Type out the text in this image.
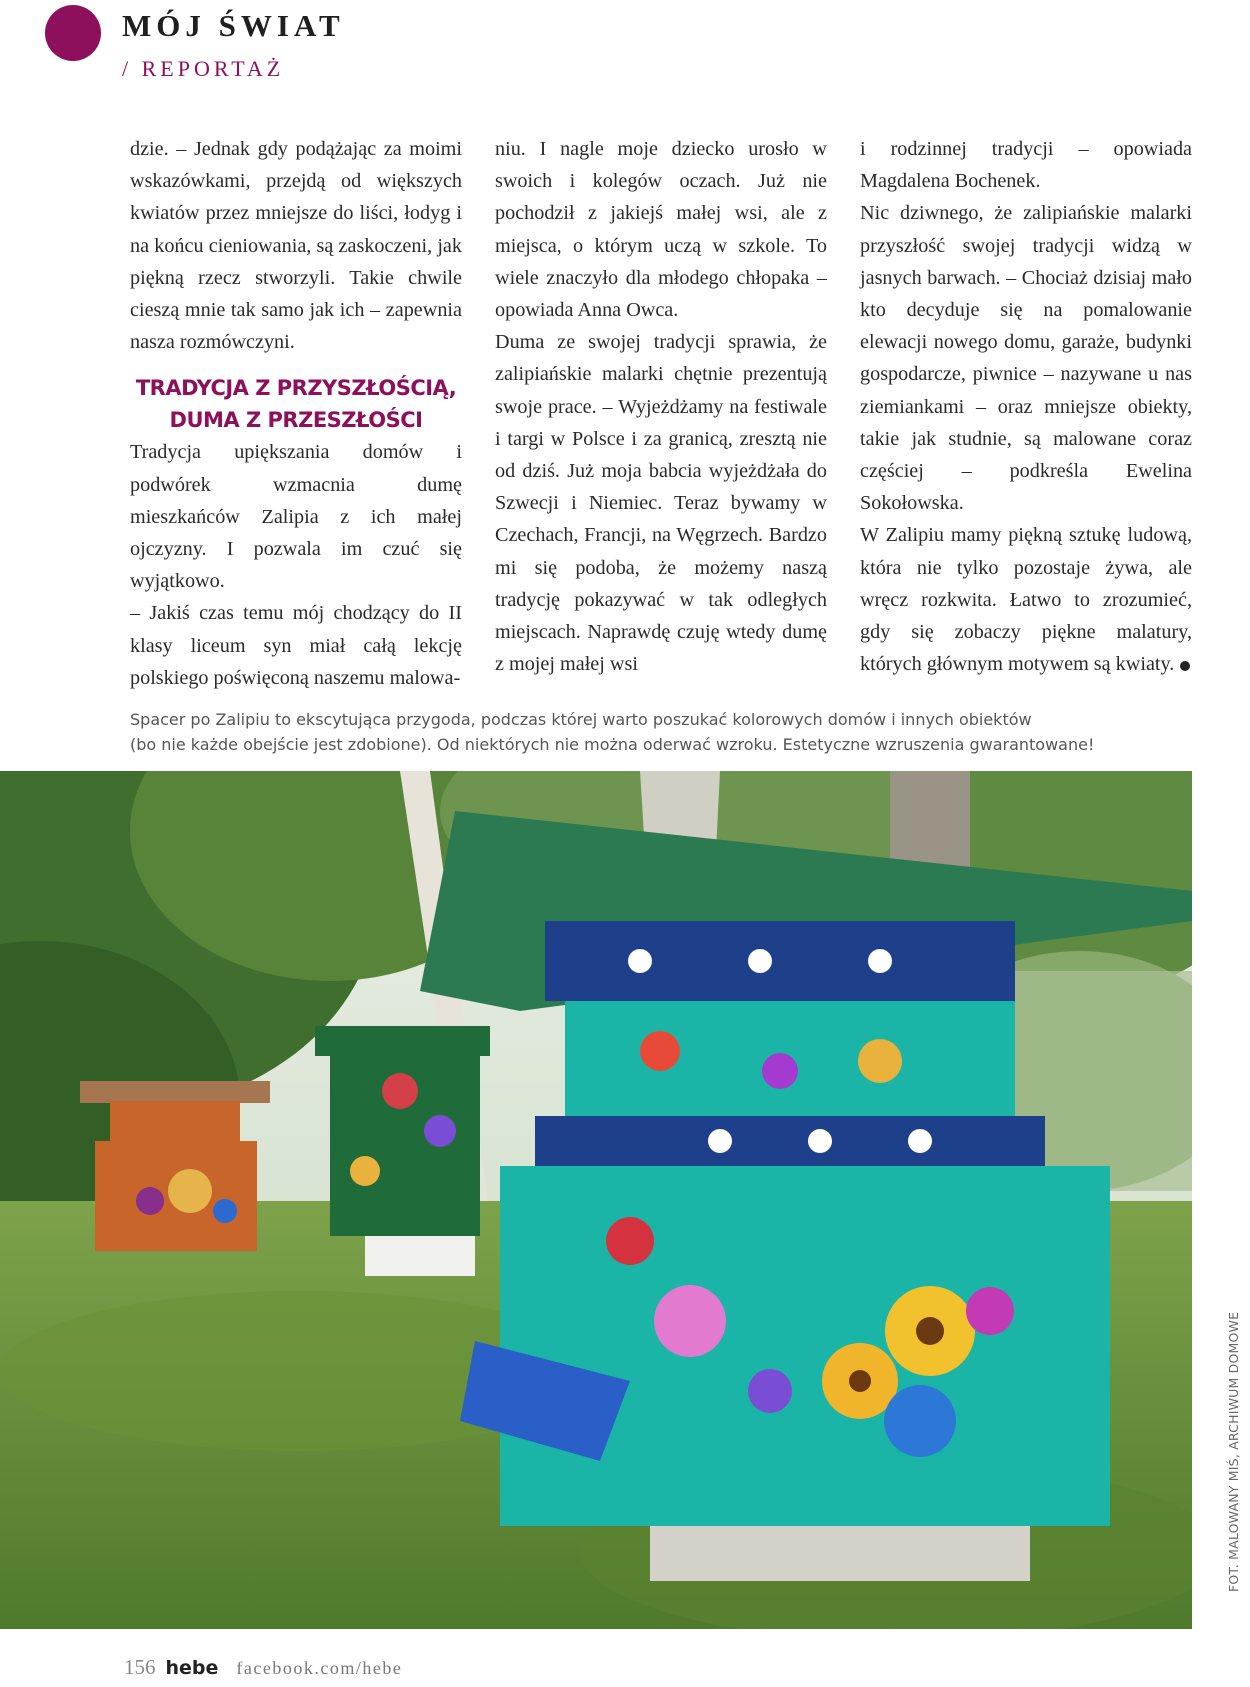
MÓJ ŚWIAT
/ REPORTAŻ

dzie. – Jednak gdy podążając za moimi wskazówkami, przejdą od większych kwiatów przez mniejsze do liści, łodyg i na końcu cieniowania, są zaskoczeni, jak piękną rzecz stworzyli. Takie chwile cieszą mnie tak samo jak ich – zapewnia nasza rozmówczyni.

TRADYCJA Z PRZYSZŁOŚCIĄ,
DUMA Z PRZESZŁOŚCI

Tradycja upiększania domów i podwórek wzmacnia dumę mieszkańców Zalipia z ich małej ojczyzny. I pozwala im czuć się wyjątkowo.

– Jakiś czas temu mój chodzący do II klasy liceum syn miał całą lekcję polskiego poświęconą naszemu malowa-

niu. I nagle moje dziecko urosło w swoich i kolegów oczach. Już nie pochodził z jakiejś małej wsi, ale z miejsca, o którym uczą w szkole. To wiele znaczyło dla młodego chłopaka – opowiada Anna Owca.

Duma ze swojej tradycji sprawia, że zalipiańskie malarki chętnie prezentują swoje prace. – Wyjeżdżamy na festiwale i targi w Polsce i za granicą, zresztą nie od dziś. Już moja babcia wyjeżdżała do Szwecji i Niemiec. Teraz bywamy w Czechach, Francji, na Węgrzech. Bardzo mi się podoba, że możemy naszą tradycję pokazywać w tak odległych miejscach. Naprawdę czuję wtedy dumę z mojej małej wsi

i rodzinnej tradycji – opowiada Magdalena Bochenek.

Nic dziwnego, że zalipiańskie malarki przyszłość swojej tradycji widzą w jasnych barwach. – Chociaż dzisiaj mało kto decyduje się na pomalowanie elewacji nowego domu, garaże, budynki gospodarcze, piwnice – nazywane u nas ziemiankami – oraz mniejsze obiekty, takie jak studnie, są malowane coraz częściej – podkreśla Ewelina Sokołowska.

W Zalipiu mamy piękną sztukę ludową, która nie tylko pozostaje żywa, ale wręcz rozkwita. Łatwo to zrozumieć, gdy się zobaczy piękne malatury, których głównym motywem są kwiaty.

Spacer po Zalipiu to ekscytująca przygoda, podczas której warto poszukać kolorowych domów i innych obiektów
(bo nie każde obejście jest zdobione). Od niektórych nie można oderwać wzroku. Estetyczne wzruszenia gwarantowane!
FOT. MALOWANY MIŚ, ARCHIWUM DOMOWE
156 hebe facebook.com/hebe
